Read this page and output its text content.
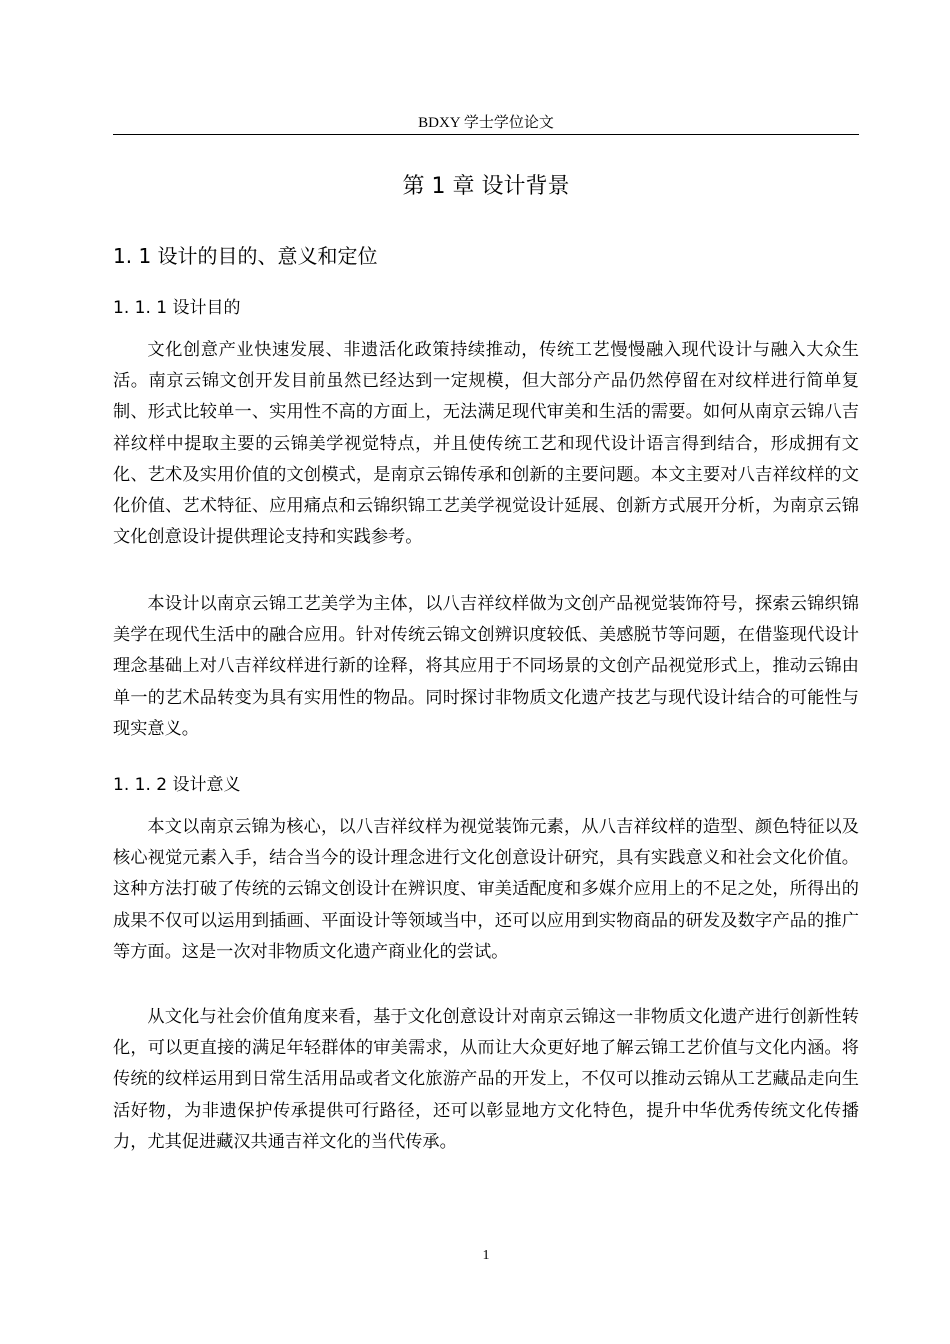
BDXY 学士学位论文
第 1 章 设计背景
1. 1 设计的目的、意义和定位
1. 1. 1 设计目的

文化创意产业快速发展、非遗活化政策持续推动，传统工艺慢慢融入现代设计与融入大众生活。南京云锦文创开发目前虽然已经达到一定规模，但大部分产品仍然停留在对纹样进行简单复制、形式比较单一、实用性不高的方面上，无法满足现代审美和生活的需要。如何从南京云锦八吉祥纹样中提取主要的云锦美学视觉特点，并且使传统工艺和现代设计语言得到结合，形成拥有文化、艺术及实用价值的文创模式，是南京云锦传承和创新的主要问题。本文主要对八吉祥纹样的文化价值、艺术特征、应用痛点和云锦织锦工艺美学视觉设计延展、创新方式展开分析，为南京云锦文化创意设计提供理论支持和实践参考。

本设计以南京云锦工艺美学为主体，以八吉祥纹样做为文创产品视觉装饰符号，探索云锦织锦美学在现代生活中的融合应用。针对传统云锦文创辨识度较低、美感脱节等问题，在借鉴现代设计理念基础上对八吉祥纹样进行新的诠释，将其应用于不同场景的文创产品视觉形式上，推动云锦由单一的艺术品转变为具有实用性的物品。同时探讨非物质文化遗产技艺与现代设计结合的可能性与现实意义。

1. 1. 2 设计意义

本文以南京云锦为核心，以八吉祥纹样为视觉装饰元素，从八吉祥纹样的造型、颜色特征以及核心视觉元素入手，结合当今的设计理念进行文化创意设计研究，具有实践意义和社会文化价值。这种方法打破了传统的云锦文创设计在辨识度、审美适配度和多媒介应用上的不足之处，所得出的成果不仅可以运用到插画、平面设计等领域当中，还可以应用到实物商品的研发及数字产品的推广等方面。这是一次对非物质文化遗产商业化的尝试。

从文化与社会价值角度来看，基于文化创意设计对南京云锦这一非物质文化遗产进行创新性转化，可以更直接的满足年轻群体的审美需求，从而让大众更好地了解云锦工艺价值与文化内涵。将传统的纹样运用到日常生活用品或者文化旅游产品的开发上，不仅可以推动云锦从工艺藏品走向生活好物，为非遗保护传承提供可行路径，还可以彰显地方文化特色，提升中华优秀传统文化传播力，尤其促进藏汉共通吉祥文化的当代传承。

1
